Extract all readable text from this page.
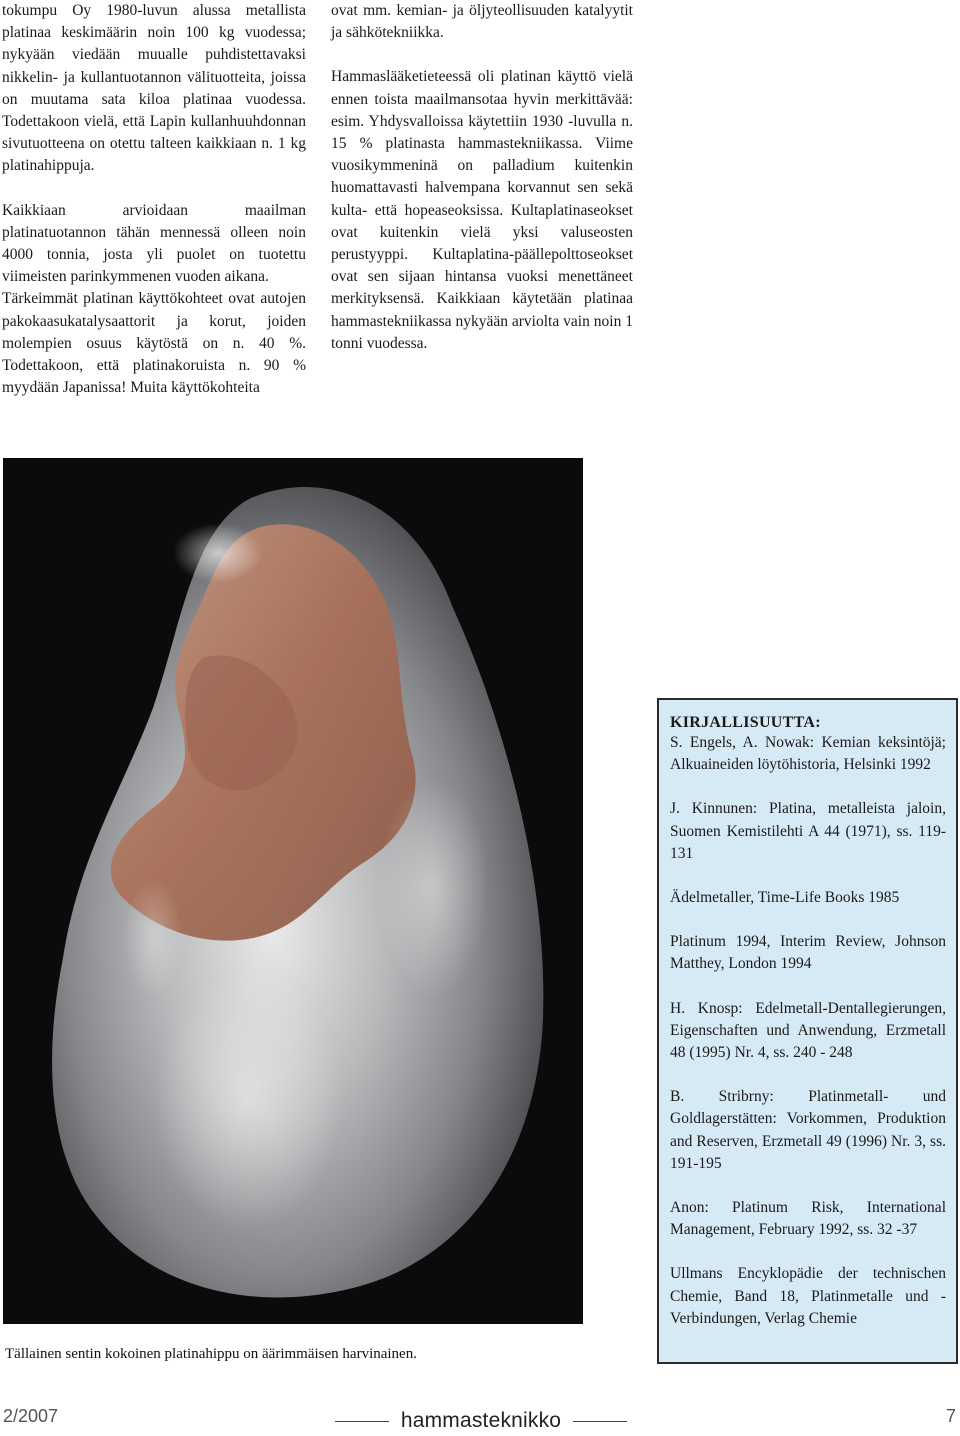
tokumpu Oy 1980-luvun alussa metallista platinaa keskimäärin noin 100 kg vuodessa; nykyään viedään muualle puhdistettavaksi nikkelin- ja kullantuotannon välituotteita, joissa on muutama sata kiloa platinaa vuodessa. Todettakoon vielä, että Lapin kullanhuuhdonnan sivutuotteena on otettu talteen kaikkiaan n. 1 kg platinahippuja.

Kaikkiaan arvioidaan maailman platinatuotannon tähän mennessä olleen noin 4000 tonnia, josta yli puolet on tuotettu viimeisten parinkymmenen vuoden aikana.

Tärkeimmät platinan käyttökohteet ovat autojen pakokaasukatalysaattorit ja korut, joiden molempien osuus käytöstä on n. 40 %. Todettakoon, että platinakoruista n. 90 % myydään Japanissa! Muita käyttökohteita

ovat mm. kemian- ja öljyteollisuuden katalyytit ja sähkötekniikka.

Hammaslääketieteessä oli platinan käyttö vielä ennen toista maailmansotaa hyvin merkittävää: esim. Yhdysvalloissa käytettiin 1930 -luvulla n. 15 % platinasta hammastekniikassa. Viime vuosikymmeninä on palladium kuitenkin huomattavasti halvempana korvannut sen sekä kulta- että hopeaseoksissa. Kultaplatinaseokset ovat kuitenkin vielä yksi valuseosten perustyyppi. Kultaplatina-päällepolttoseokset ovat sen sijaan hintansa vuoksi menettäneet merkityksensä. Kaikkiaan käytetään platinaa hammastekniikassa nykyään arviolta vain noin 1 tonni vuodessa.

Tällainen sentin kokoinen platinahippu on äärimmäisen harvinainen.
KIRJALLISUUTTA:

S. Engels, A. Nowak: Kemian keksintöjä; Alkuaineiden löytöhistoria, Helsinki 1992

J. Kinnunen: Platina, metalleista jaloin, Suomen Kemistilehti A 44 (1971), ss. 119-131

Ädelmetaller, Time-Life Books 1985

Platinum 1994, Interim Review, Johnson Matthey, London 1994

H. Knosp: Edelmetall-Dentallegierungen, Eigenschaften und Anwendung, Erzmetall 48 (1995) Nr. 4, ss. 240 - 248

B. Stribrny: Platinmetall- und Goldlagerstätten: Vorkommen, Produktion and Reserven, Erzmetall 49 (1996) Nr. 3, ss. 191-195

Anon: Platinum Risk, International Management, February 1992, ss. 32 -37

Ullmans Encyklopädie der technischen Chemie, Band 18, Platinmetalle und - Verbindungen, Verlag Chemie

2/2007	hammasteknikko	7
